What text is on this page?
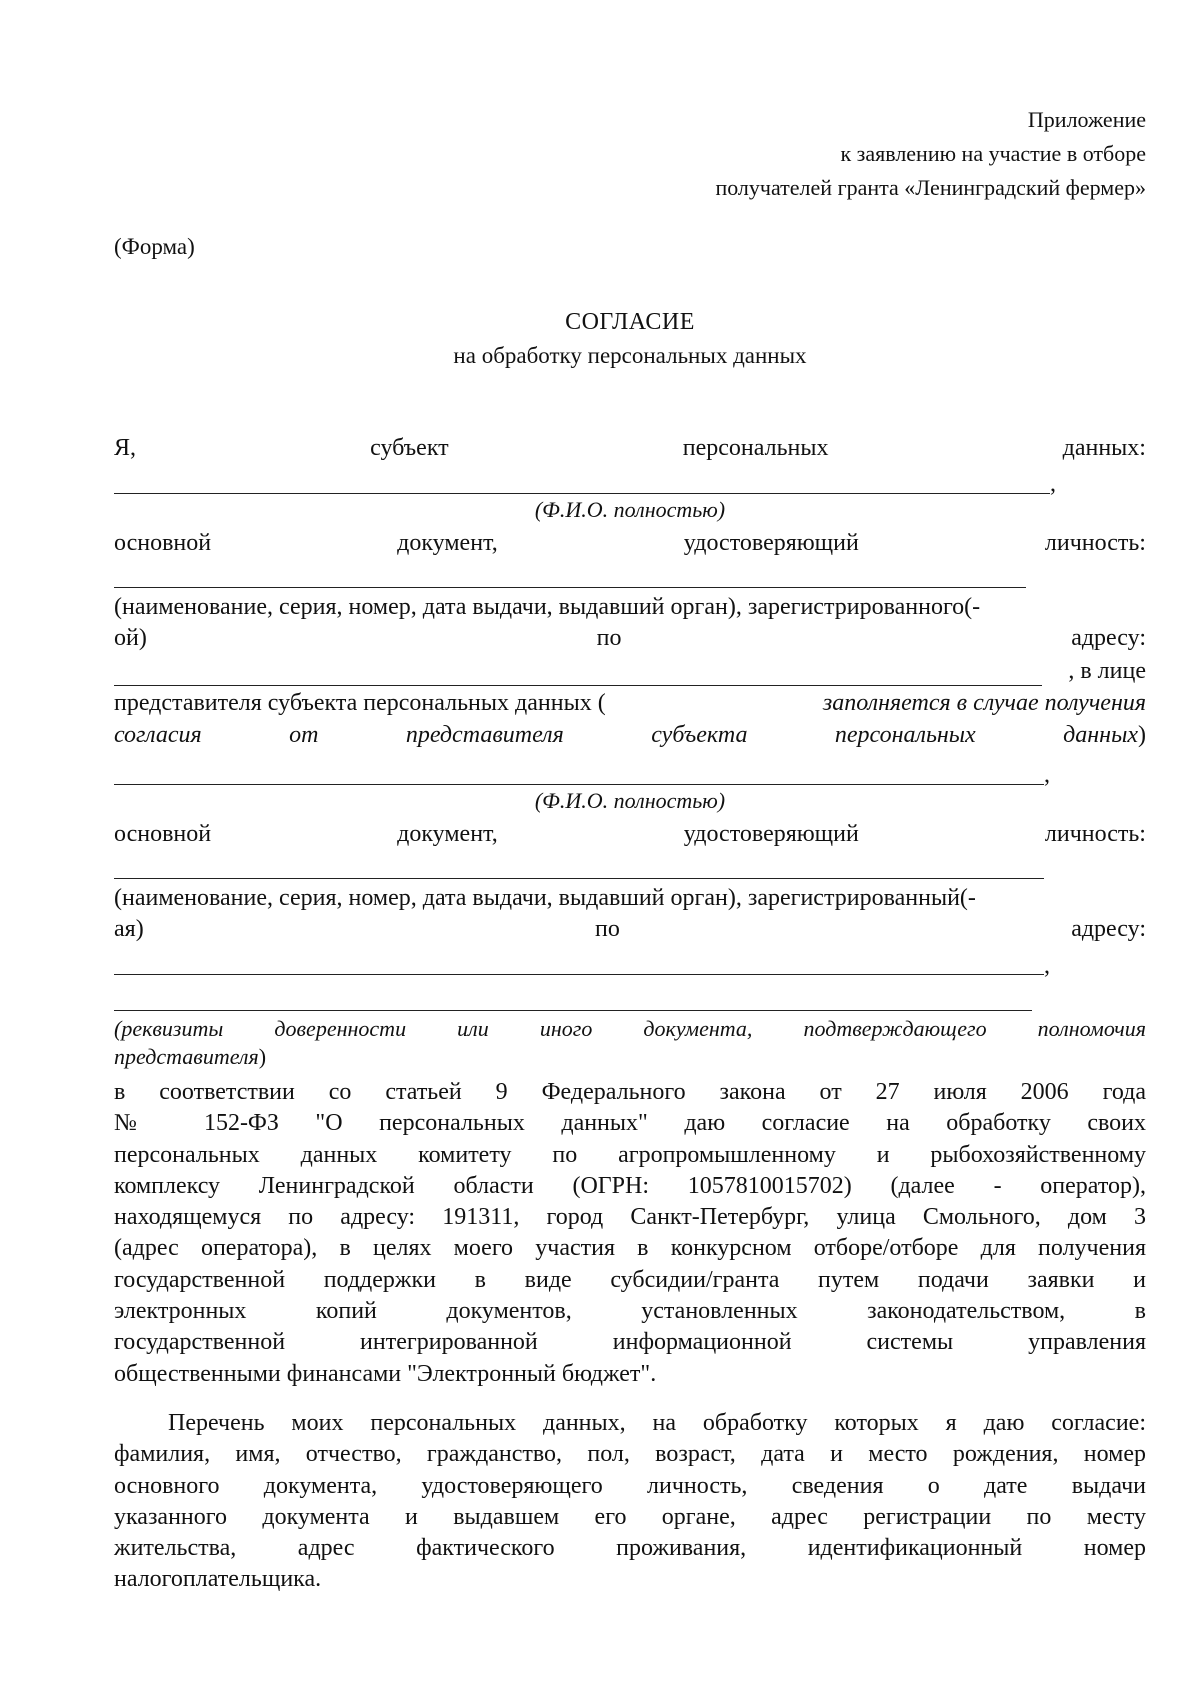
Приложение
к заявлению на участие в отборе
получателей гранта «Ленинградский фермер»
(Форма)
СОГЛАСИЕ
на обработку персональных данных
Я,	субъект	персональных	данных:
,
(Ф.И.О. полностью)
основной	документ,	удостоверяющий	личность:
(наименование, серия, номер, дата выдачи, выдавший орган), зарегистрированного(-
ой)	по	адресу:
, в лице
представителя субъекта персональных данных (	заполняется в случае получения
согласия	от	представителя	субъекта	персональных	данных)
,
(Ф.И.О. полностью)
основной	документ,	удостоверяющий	личность:
(наименование, серия, номер, дата выдачи, выдавший орган), зарегистрированный(-
ая)	по	адресу:
,
(реквизиты доверенности или иного документа, подтверждающего полномочия
представителя)
в соответствии со статьей 9 Федерального закона от 27 июля 2006 года
№ 152-ФЗ "О персональных данных" даю согласие на обработку своих
персональных данных комитету по агропромышленному и рыбохозяйственному
комплексу Ленинградской области (ОГРН: 1057810015702) (далее - оператор),
находящемуся по адресу: 191311, город Санкт-Петербург, улица Смольного, дом 3
(адрес оператора), в целях моего участия в конкурсном отборе/отборе для получения
государственной поддержки в виде субсидии/гранта путем подачи заявки и
электронных копий документов, установленных законодательством, в
государственной интегрированной информационной системы управления
общественными финансами "Электронный бюджет".
Перечень моих персональных данных, на обработку которых я даю согласие:
фамилия, имя, отчество, гражданство, пол, возраст, дата и место рождения, номер
основного документа, удостоверяющего личность, сведения о дате выдачи
указанного документа и выдавшем его органе, адрес регистрации по месту
жительства, адрес фактического проживания, идентификационный номер
налогоплательщика.
